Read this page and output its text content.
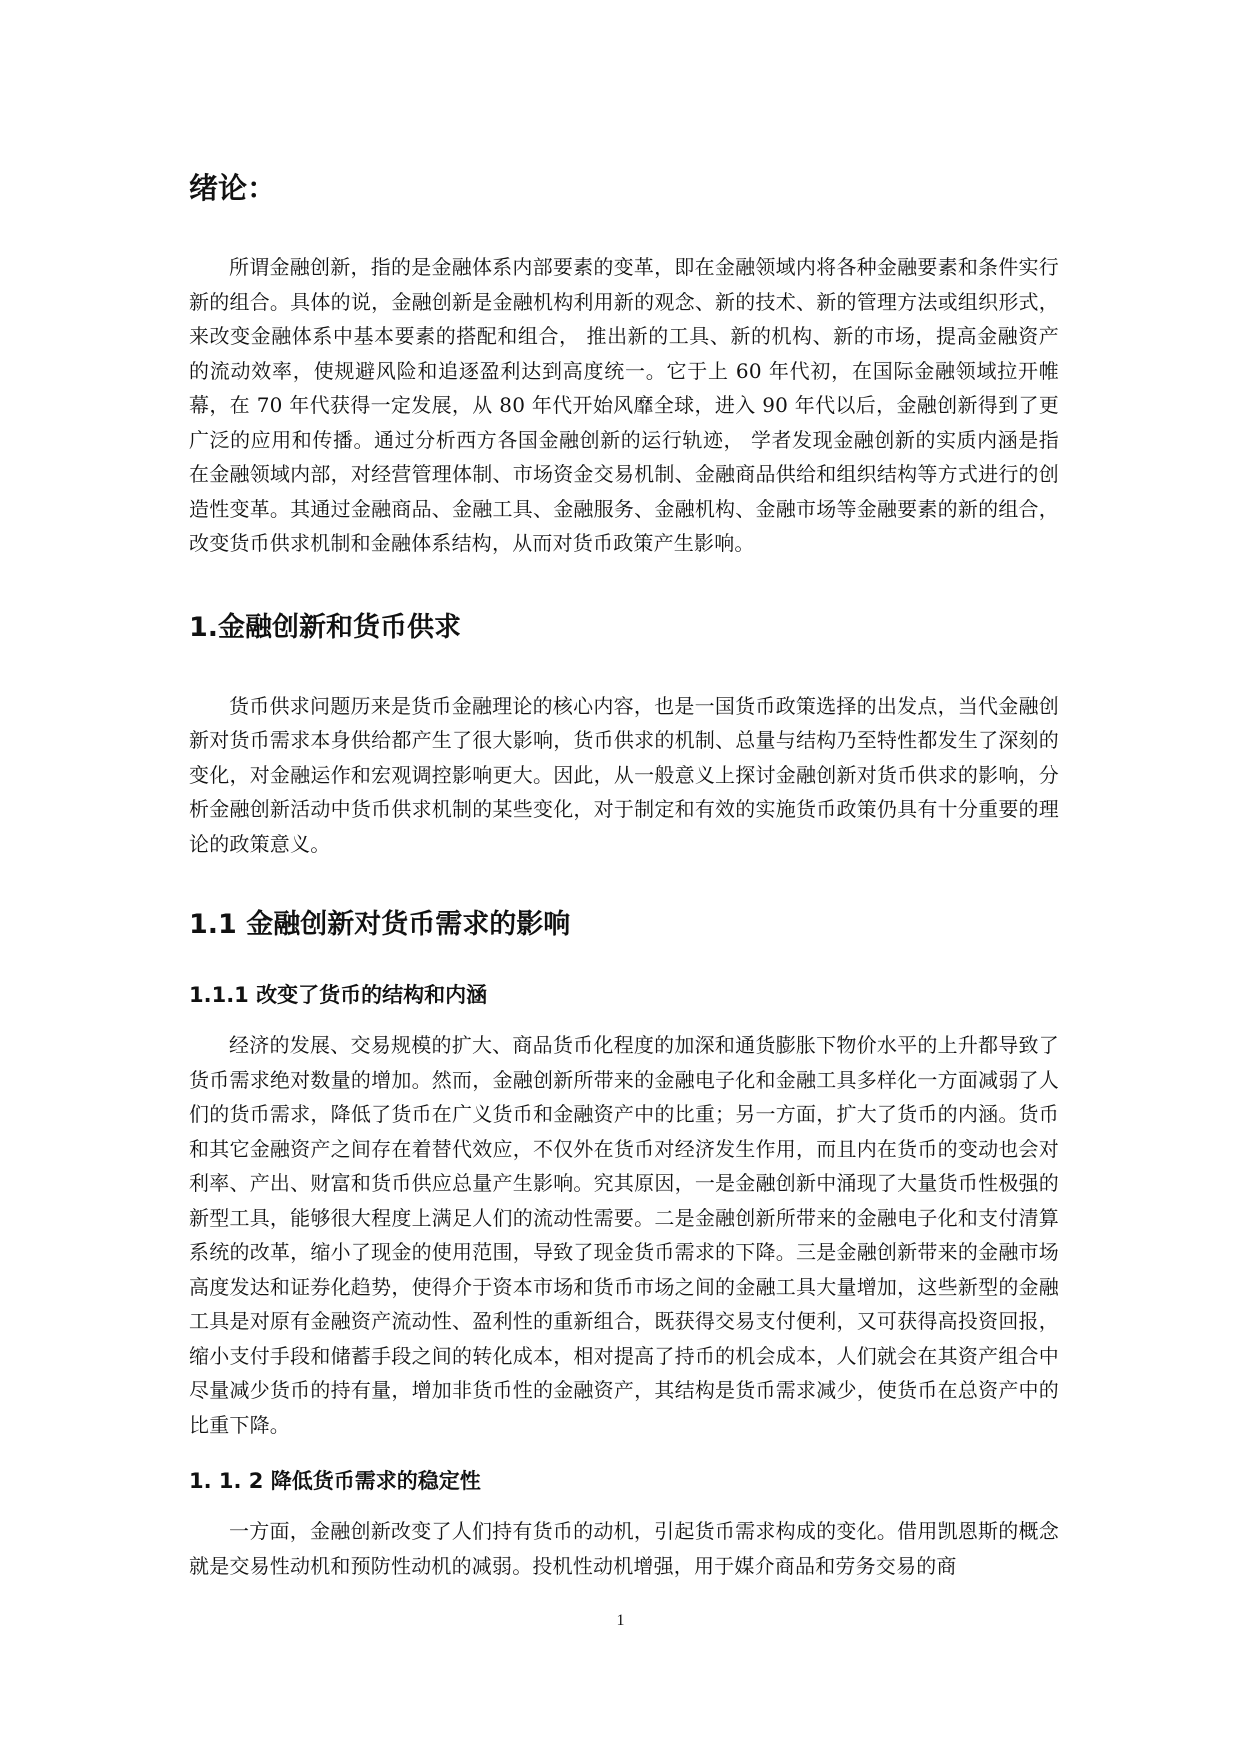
绪论：

所谓金融创新，指的是金融体系内部要素的变革，即在金融领域内将各种金融要素和条件实行新的组合。具体的说，金融创新是金融机构利用新的观念、新的技术、新的管理方法或组织形式，来改变金融体系中基本要素的搭配和组合， 推出新的工具、新的机构、新的市场，提高金融资产的流动效率，使规避风险和追逐盈利达到高度统一。它于上 60 年代初，在国际金融领域拉开帷幕，在 70 年代获得一定发展，从 80 年代开始风靡全球，进入 90 年代以后，金融创新得到了更广泛的应用和传播。通过分析西方各国金融创新的运行轨迹， 学者发现金融创新的实质内涵是指在金融领域内部，对经营管理体制、市场资金交易机制、金融商品供给和组织结构等方式进行的创造性变革。其通过金融商品、金融工具、金融服务、金融机构、金融市场等金融要素的新的组合，改变货币供求机制和金融体系结构，从而对货币政策产生影响。

1.金融创新和货币供求

货币供求问题历来是货币金融理论的核心内容，也是一国货币政策选择的出发点，当代金融创新对货币需求本身供给都产生了很大影响，货币供求的机制、总量与结构乃至特性都发生了深刻的变化，对金融运作和宏观调控影响更大。因此，从一般意义上探讨金融创新对货币供求的影响，分析金融创新活动中货币供求机制的某些变化，对于制定和有效的实施货币政策仍具有十分重要的理论的政策意义。

1.1 金融创新对货币需求的影响
1.1.1 改变了货币的结构和内涵

经济的发展、交易规模的扩大、商品货币化程度的加深和通货膨胀下物价水平的上升都导致了货币需求绝对数量的增加。然而，金融创新所带来的金融电子化和金融工具多样化一方面减弱了人们的货币需求，降低了货币在广义货币和金融资产中的比重；另一方面，扩大了货币的内涵。货币和其它金融资产之间存在着替代效应，不仅外在货币对经济发生作用，而且内在货币的变动也会对利率、产出、财富和货币供应总量产生影响。究其原因，一是金融创新中涌现了大量货币性极强的新型工具，能够很大程度上满足人们的流动性需要。二是金融创新所带来的金融电子化和支付清算系统的改革，缩小了现金的使用范围，导致了现金货币需求的下降。三是金融创新带来的金融市场高度发达和证券化趋势，使得介于资本市场和货币市场之间的金融工具大量增加，这些新型的金融工具是对原有金融资产流动性、盈利性的重新组合，既获得交易支付便利，又可获得高投资回报，缩小支付手段和储蓄手段之间的转化成本，相对提高了持币的机会成本，人们就会在其资产组合中尽量减少货币的持有量，增加非货币性的金融资产，其结构是货币需求减少，使货币在总资产中的比重下降。

1. 1. 2 降低货币需求的稳定性

一方面，金融创新改变了人们持有货币的动机，引起货币需求构成的变化。借用凯恩斯的概念就是交易性动机和预防性动机的减弱。投机性动机增强，用于媒介商品和劳务交易的商

1
